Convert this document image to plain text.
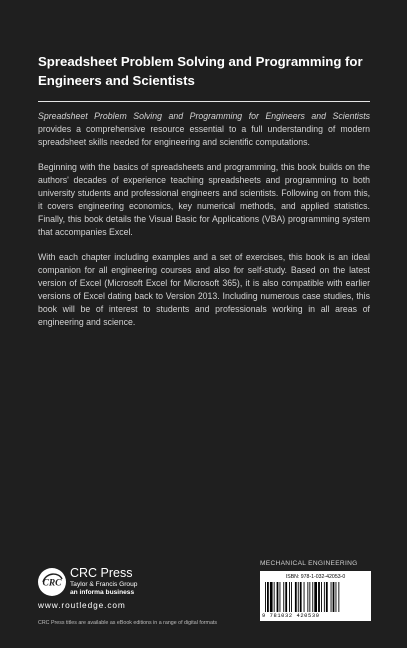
Spreadsheet Problem Solving and Programming for Engineers and Scientists

Spreadsheet Problem Solving and Programming for Engineers and Scientists provides a comprehensive resource essential to a full understanding of modern spreadsheet skills needed for engineering and scientific computations.

Beginning with the basics of spreadsheets and programming, this book builds on the authors' decades of experience teaching spreadsheets and programming to both university students and professional engineers and scientists. Following on from this, it covers engineering economics, key numerical methods, and applied statistics. Finally, this book details the Visual Basic for Applications (VBA) programming system that accompanies Excel.

With each chapter including examples and a set of exercises, this book is an ideal companion for all engineering courses and also for self-study. Based on the latest version of Excel (Microsoft Excel for Microsoft 365), it is also compatible with earlier versions of Excel dating back to Version 2013. Including numerous case studies, this book will be of interest to students and professionals working in all areas of engineering and science.

CRC
CRC Press
Taylor & Francis Group
an informa business
www.routledge.com
CRC Press titles are available as eBook editions in a range of digital formats
MECHANICAL ENGINEERING
ISBN: 978-1-032-42053-0
9 781032 420530
